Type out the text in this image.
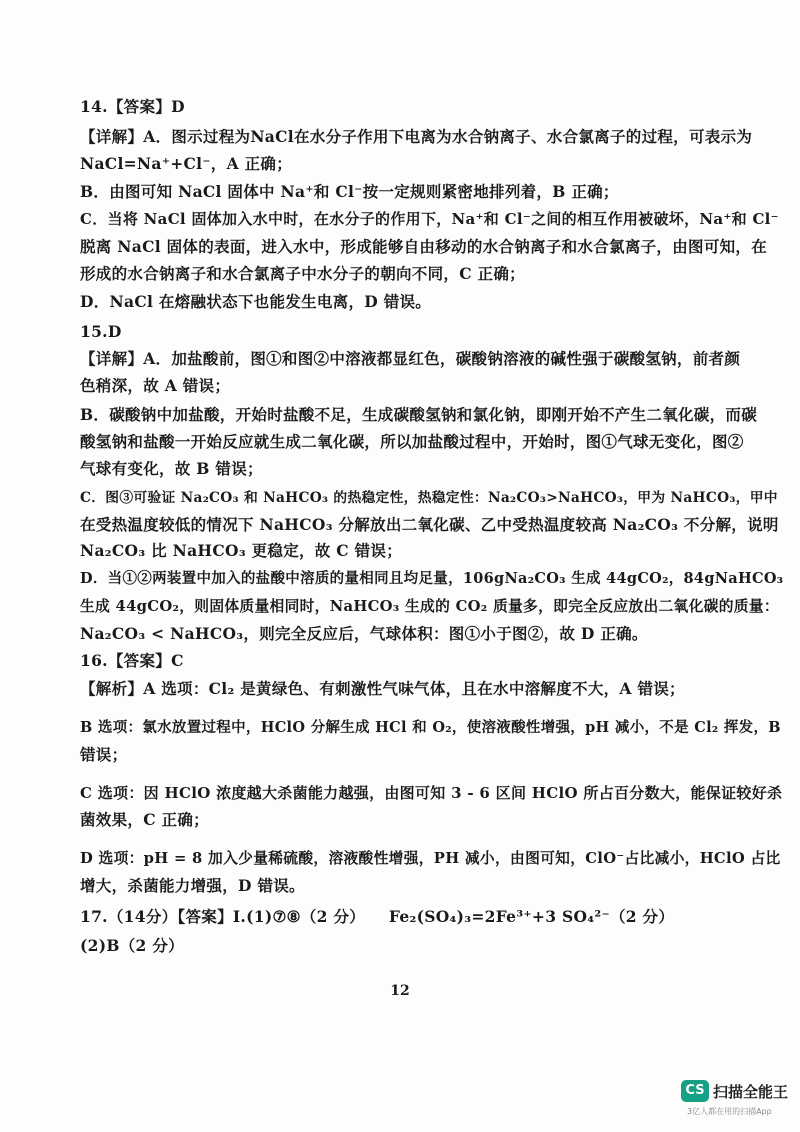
14.【答案】D
【详解】A．图示过程为NaCl在水分子作用下电离为水合钠离子、水合氯离子的过程，可表示为
NaCl=Na⁺+Cl⁻，A 正确；
B．由图可知 NaCl 固体中 Na⁺和 Cl⁻按一定规则紧密地排列着，B 正确；
C．当将 NaCl 固体加入水中时，在水分子的作用下，Na⁺和 Cl⁻之间的相互作用被破坏，Na⁺和 Cl⁻
脱离 NaCl 固体的表面，进入水中，形成能够自由移动的水合钠离子和水合氯离子，由图可知，在
形成的水合钠离子和水合氯离子中水分子的朝向不同，C 正确；
D．NaCl 在熔融状态下也能发生电离，D 错误。
15.D
【详解】A．加盐酸前，图①和图②中溶液都显红色，碳酸钠溶液的碱性强于碳酸氢钠，前者颜
色稍深，故 A 错误；
B．碳酸钠中加盐酸，开始时盐酸不足，生成碳酸氢钠和氯化钠，即刚开始不产生二氧化碳，而碳
酸氢钠和盐酸一开始反应就生成二氧化碳，所以加盐酸过程中，开始时，图①气球无变化，图②
气球有变化，故 B 错误；
C．图③可验证 Na₂CO₃ 和 NaHCO₃ 的热稳定性，热稳定性：Na₂CO₃>NaHCO₃，甲为 NaHCO₃，甲中
在受热温度较低的情况下 NaHCO₃ 分解放出二氧化碳、乙中受热温度较高 Na₂CO₃ 不分解，说明
Na₂CO₃ 比 NaHCO₃ 更稳定，故 C 错误；
D．当①②两装置中加入的盐酸中溶质的量相同且均足量，106gNa₂CO₃ 生成 44gCO₂，84gNaHCO₃
生成 44gCO₂，则固体质量相同时，NaHCO₃ 生成的 CO₂ 质量多，即完全反应放出二氧化碳的质量：
Na₂CO₃ < NaHCO₃，则完全反应后，气球体积：图①小于图②，故 D 正确。
16.【答案】C
【解析】A 选项：Cl₂ 是黄绿色、有刺激性气味气体，且在水中溶解度不大，A 错误；
B 选项：氯水放置过程中，HClO 分解生成 HCl 和 O₂，使溶液酸性增强，pH 减小，不是 Cl₂ 挥发，B
错误；
C 选项：因 HClO 浓度越大杀菌能力越强，由图可知 3 - 6 区间 HClO 所占百分数大，能保证较好杀
菌效果，C 正确；
D 选项：pH = 8 加入少量稀硫酸，溶液酸性增强，PH 减小，由图可知，ClO⁻占比减小，HClO 占比
增大，杀菌能力增强，D 错误。
17.（14分）【答案】I.(1)⑦⑧（2 分）　　Fe₂(SO₄)₃=2Fe³⁺+3 SO₄²⁻（2 分）
(2)B（2 分）
12
CS 扫描全能王
3亿人都在用的扫描App
